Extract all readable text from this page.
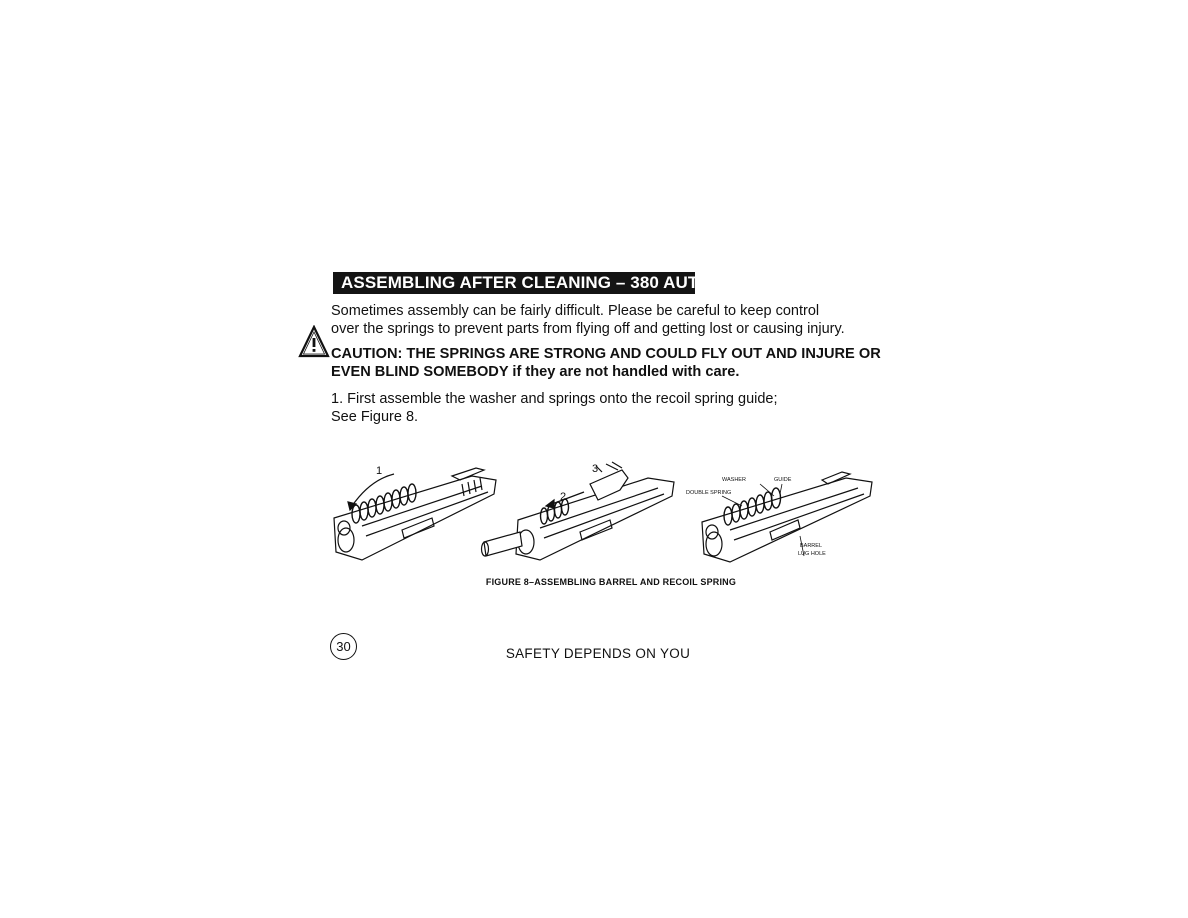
ASSEMBLING AFTER CLEANING – 380 AUTO
Sometimes assembly can be fairly difficult. Please be careful to keep control
over the springs to prevent parts from flying off and getting lost or causing injury.
CAUTION: THE SPRINGS ARE STRONG AND COULD FLY OUT AND INJURE OR EVEN BLIND SOMEBODY if they are not handled with care.
1. First assemble the washer and springs onto the recoil spring guide;
See Figure 8.
1
2
3
WASHER	GUIDE
DOUBLE SPRING
BARREL
LUG HOLE
FIGURE 8–ASSEMBLING BARREL AND RECOIL SPRING
30	SAFETY DEPENDS ON YOU
